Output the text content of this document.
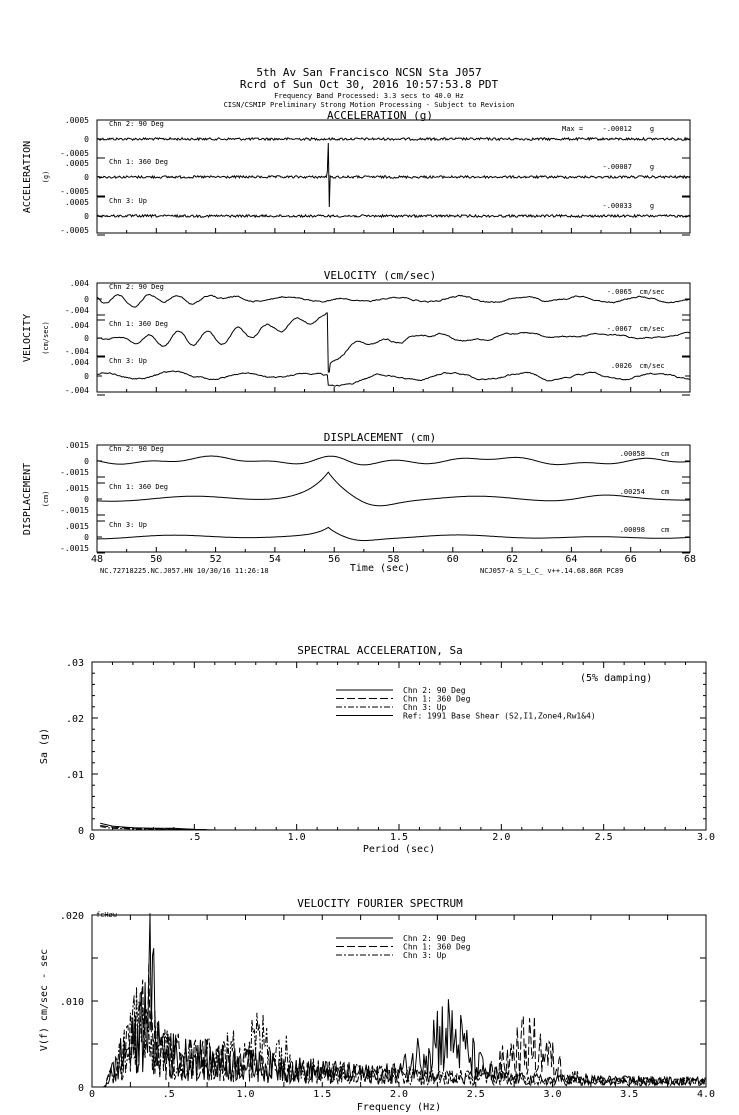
5th Av San Francisco NCSN Sta J057
Rcrd of Sun Oct 30, 2016 10:57:53.8 PDT
Frequency Band Processed: 3.3 secs to 40.0 Hz
CISN/CSMIP Preliminary Strong Motion Processing - Subject to Revision
ACCELERATION (g)
VELOCITY (cm/sec)
DISPLACEMENT (cm)
ACCELERATION (g)
VELOCITY (cm/sec)
DISPLACEMENT (cm)
Max =
Time (sec)
NC.72718225.NC.J057.HN 10/30/16 11:26:18	NCJ057-A S_L_C_ v++.14.68.86R PC89
SPECTRAL ACCELERATION, Sa
Sa (g)
Period (sec)
(5% damping)
VELOCITY FOURIER SPECTRUM
V(f) cm/sec - sec
Frequency (Hz)
fcHøw
.0005
0
-.0005
Chn 2: 90 Deg
-.00012	g
.0005
0
-.0005
Chn 1: 360 Deg
-.00087	g
.0005
0
-.0005
Chn 3: Up
-.00033	g
.004
0
-.004
Chn 2: 90 Deg
-.0065 cm/sec
.004
0
-.004
Chn 1: 360 Deg
-.0067 cm/sec
.004
0
-.004
Chn 3: Up
.0026 cm/sec
.0015
0
-.0015
Chn 2: 90 Deg
.00058 cm
.0015
0
-.0015
Chn 1: 360 Deg
.00254 cm
.0015
0
-.0015
Chn 3: Up
.00098 cm
48	50	52	54	56	58	60	62	64	66	68
0	.5	1.0	1.5	2.0	2.5	3.0
.03
.02
.01
0
Chn 2: 90 Deg
Chn 1: 360 Deg
Chn 3: Up
Ref: 1991 Base Shear (S2,I1,Zone4,Rw1&4)
0	.5	1.0	1.5	2.0	2.5	3.0	3.5	4.0
.020
.010
0
Chn 2: 90 Deg
Chn 1: 360 Deg
Chn 3: Up
